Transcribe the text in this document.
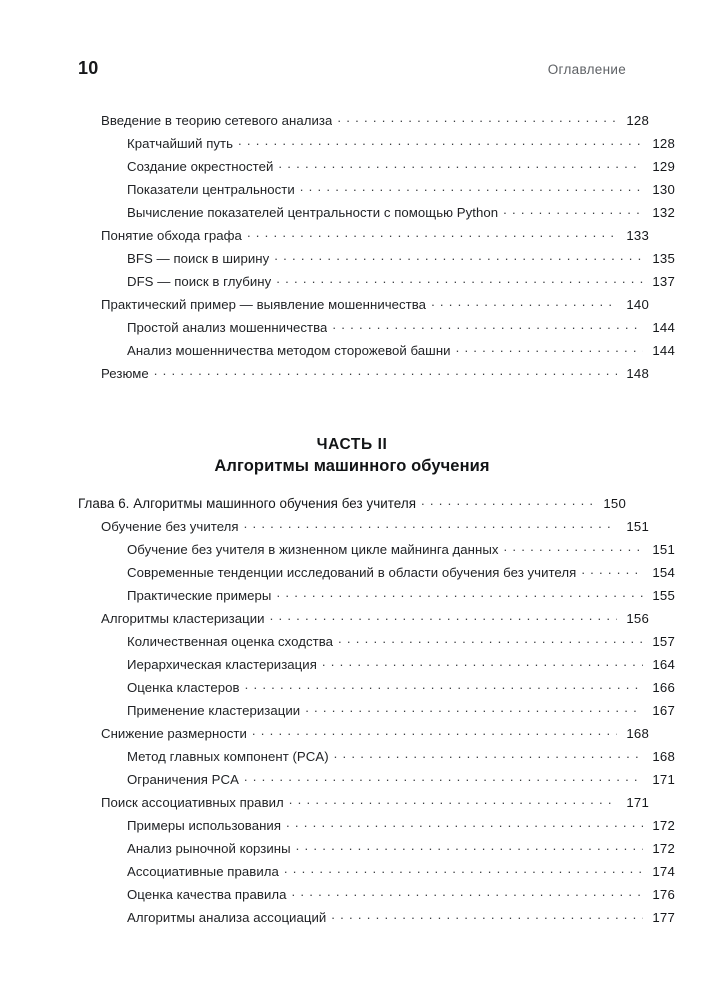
10	Оглавление
Введение в теорию сетевого анализа .....	128
Кратчайший путь .....	128
Создание окрестностей .....	129
Показатели центральности .....	130
Вычисление показателей центральности с помощью Python .....	132
Понятие обхода графа .....	133
BFS — поиск в ширину .....	135
DFS — поиск в глубину .....	137
Практический пример — выявление мошенничества .....	140
Простой анализ мошенничества .....	144
Анализ мошенничества методом сторожевой башни .....	144
Резюме .....	148
ЧАСТЬ II
Алгоритмы машинного обучения
Глава 6. Алгоритмы машинного обучения без учителя .....	150
Обучение без учителя .....	151
Обучение без учителя в жизненном цикле майнинга данных .....	151
Современные тенденции исследований в области обучения без учителя .....	154
Практические примеры .....	155
Алгоритмы кластеризации .....	156
Количественная оценка сходства .....	157
Иерархическая кластеризация .....	164
Оценка кластеров .....	166
Применение кластеризации .....	167
Снижение размерности .....	168
Метод главных компонент (PCA) .....	168
Ограничения PCA .....	171
Поиск ассоциативных правил .....	171
Примеры использования .....	172
Анализ рыночной корзины .....	172
Ассоциативные правила .....	174
Оценка качества правила .....	176
Алгоритмы анализа ассоциаций .....	177
